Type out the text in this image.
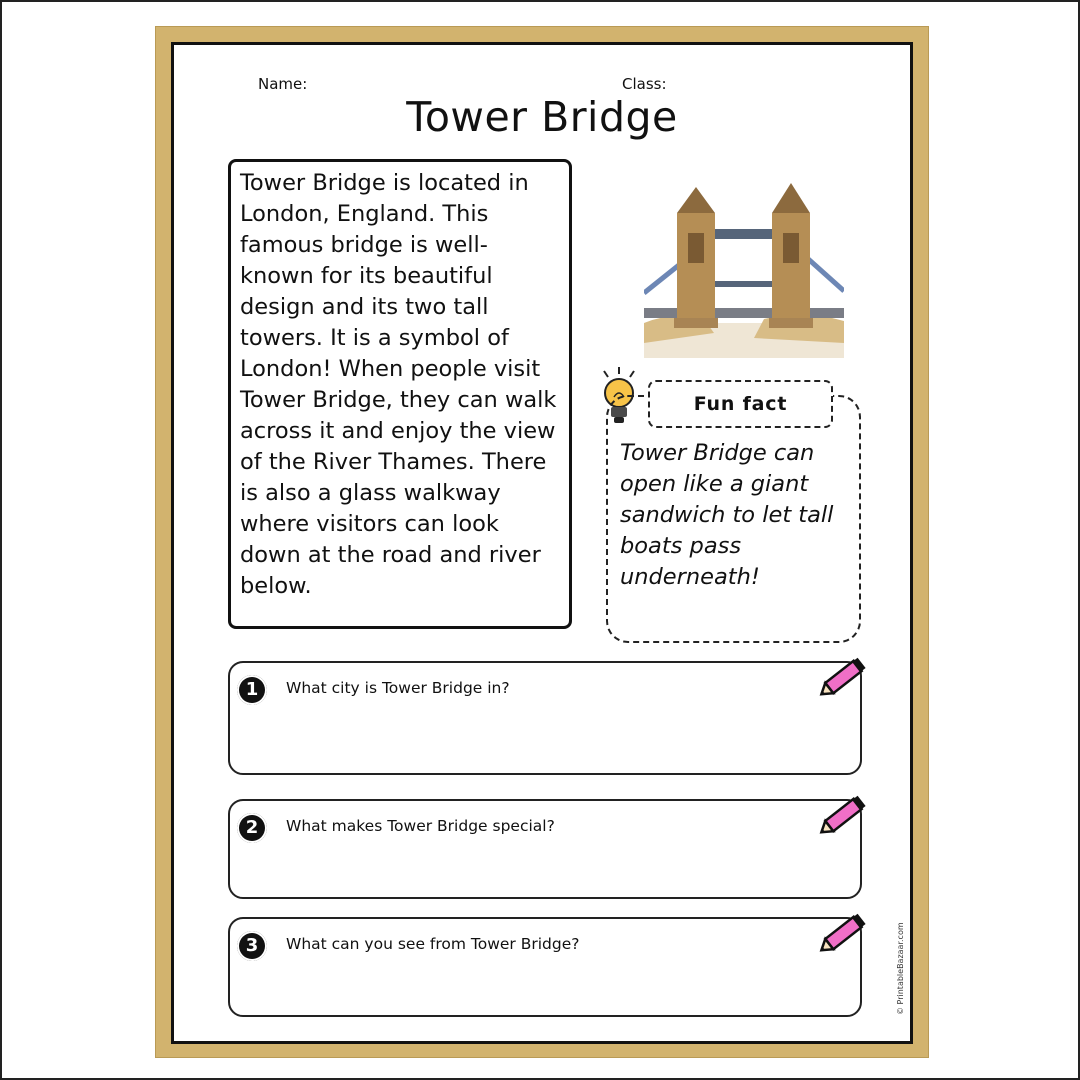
Name:	Class:
Tower Bridge
Tower Bridge is located in London, England. This famous bridge is well-known for its beautiful design and its two tall towers. It is a symbol of London! When people visit Tower Bridge, they can walk across it and enjoy the view of the River Thames. There is also a glass walkway where visitors can look down at the road and river below.
Fun fact
Tower Bridge can open like a giant sandwich to let tall boats pass underneath!
1	What city is Tower Bridge in?
2	What makes Tower Bridge special?
3	What can you see from Tower Bridge?	© PrintableBazaar.com
